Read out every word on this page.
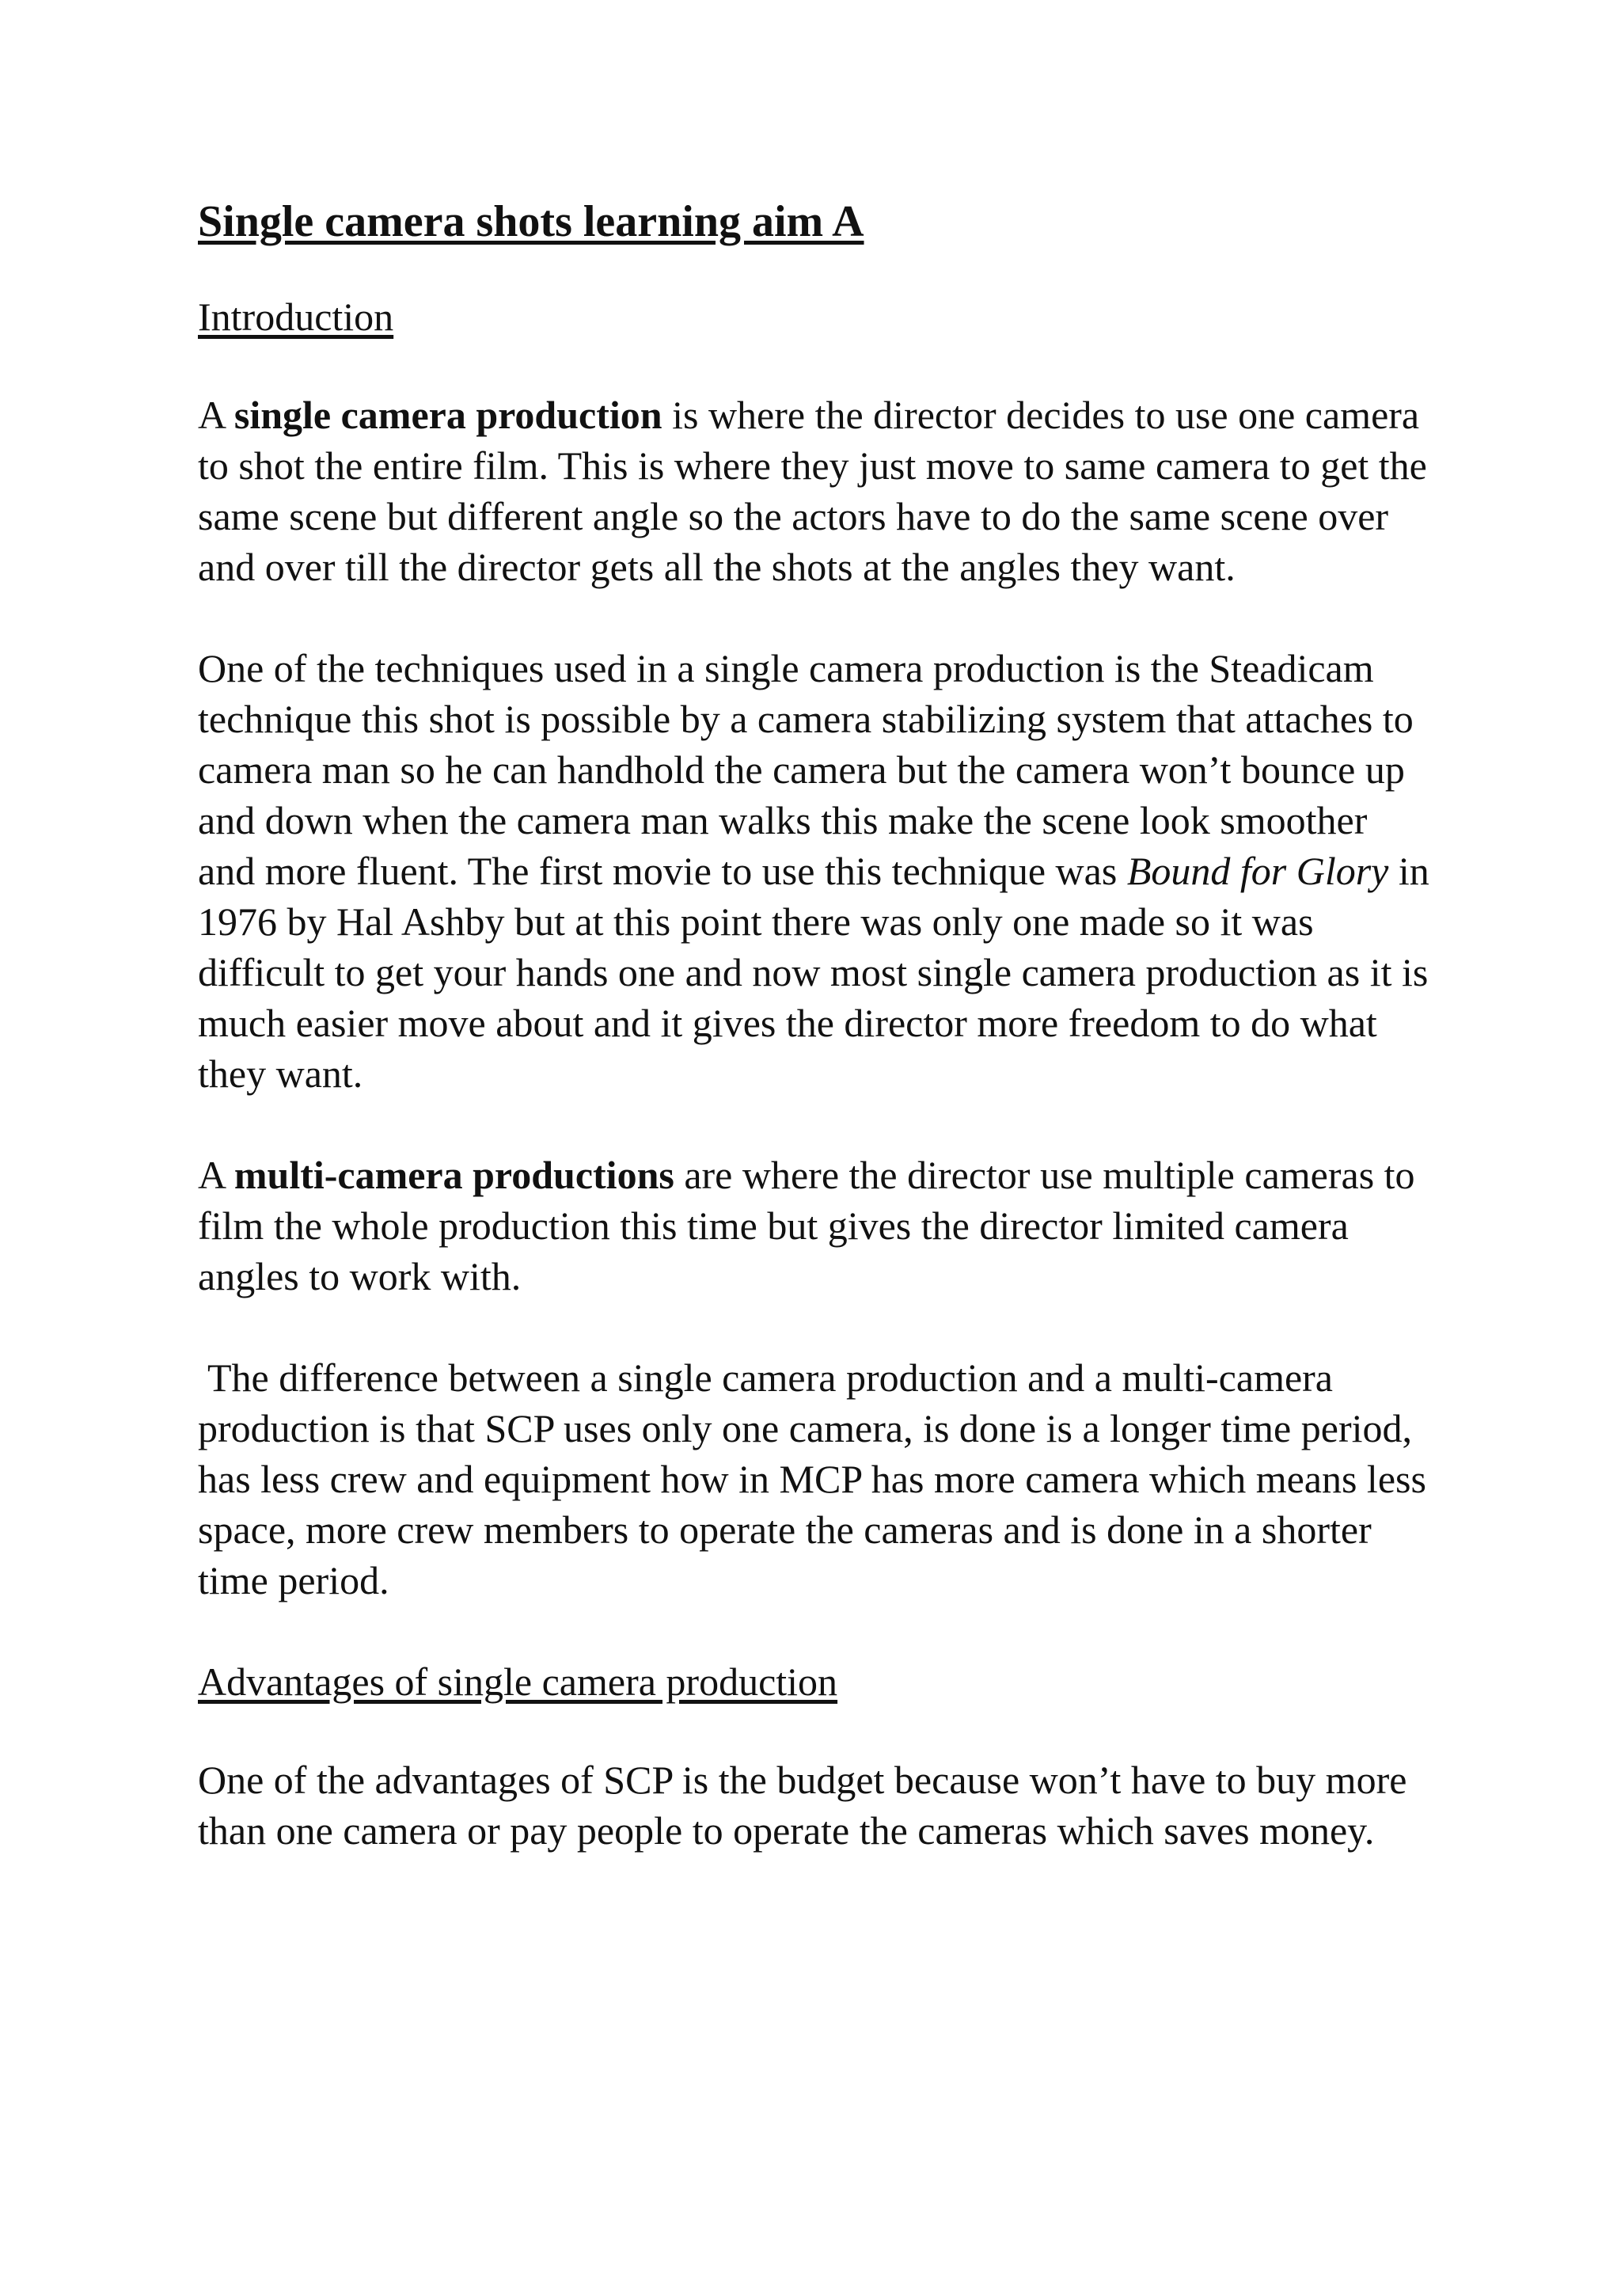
Single camera shots learning aim A
Introduction

A single camera production is where the director decides to use one camera to shot the entire film. This is where they just move to same camera to get the same scene but different angle so the actors have to do the same scene over and over till the director gets all the shots at the angles they want.

One of the techniques used in a single camera production is the Steadicam technique this shot is possible by a camera stabilizing system that attaches to camera man so he can handhold the camera but the camera won’t bounce up and down when the camera man walks this make the scene look smoother and more fluent. The first movie to use this technique was Bound for Glory in 1976 by Hal Ashby but at this point there was only one made so it was difficult to get your hands one and now most single camera production as it is much easier move about and it gives the director more freedom to do what they want.

A multi-camera productions are where the director use multiple cameras to film the whole production this time but gives the director limited camera angles to work with.

The difference between a single camera production and a multi-camera production is that SCP uses only one camera, is done is a longer time period, has less crew and equipment how in MCP has more camera which means less space, more crew members to operate the cameras and is done in a shorter time period.

Advantages of single camera production

One of the advantages of SCP is the budget because won’t have to buy more than one camera or pay people to operate the cameras which saves money.
